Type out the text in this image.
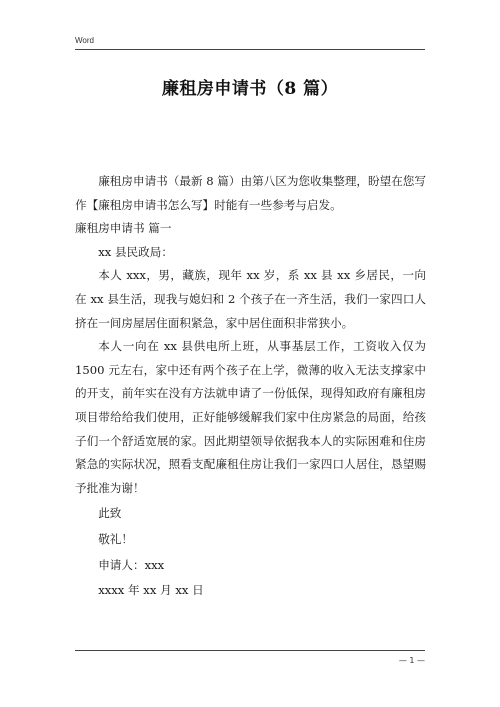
Word
廉租房申请书（8 篇）

廉租房申请书（最新 8 篇）由第八区为您收集整理，盼望在您写作【廉租房申请书怎么写】时能有一些参考与启发。

廉租房申请书 篇一

xx 县民政局：

本人 xxx，男，藏族，现年 xx 岁，系 xx 县 xx 乡居民，一向在 xx 县生活，现我与媳妇和 2 个孩子在一齐生活，我们一家四口人挤在一间房屋居住面积紧急，家中居住面积非常狭小。

本人一向在 xx 县供电所上班，从事基层工作，工资收入仅为 1500 元左右，家中还有两个孩子在上学，微薄的收入无法支撑家中的开支，前年实在没有方法就申请了一份低保，现得知政府有廉租房项目带给给我们使用，正好能够缓解我们家中住房紧急的局面，给孩子们一个舒适宽展的家。因此期望领导依据我本人的实际困难和住房紧急的实际状况，照看支配廉租住房让我们一家四口人居住，恳望赐予批准为谢！

此致

敬礼！

申请人：xxx

xxxx 年 xx 月 xx 日

— 1 —
